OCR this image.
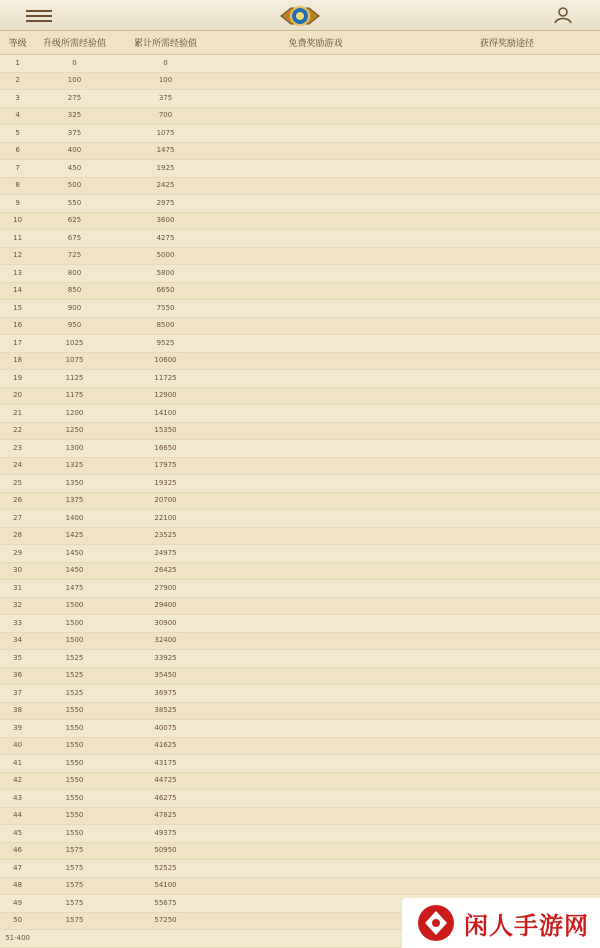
等级	升级所需经验值	累计所需经验值	免费奖励游戏	获得奖励途径
1	0	0		
2	100	100		
3	275	375		
4	325	700		
5	375	1075		
6	400	1475		
7	450	1925		
8	500	2425		
9	550	2975		
10	625	3600		
11	675	4275		
12	725	5000		
13	800	5800		
14	850	6650		
15	900	7550		
16	950	8500		
17	1025	9525		
18	1075	10600		
19	1125	11725		
20	1175	12900		
21	1200	14100		
22	1250	15350		
23	1300	16650		
24	1325	17975		
25	1350	19325		
26	1375	20700		
27	1400	22100		
28	1425	23525		
29	1450	24975		
30	1450	26425		
31	1475	27900		
32	1500	29400		
33	1500	30900		
34	1500	32400		
35	1525	33925		
36	1525	35450		
37	1525	36975		
38	1550	38525		
39	1550	40075		
40	1550	41625		
41	1550	43175		
42	1550	44725		
43	1550	46275		
44	1550	47825		
45	1550	49375		
46	1575	50950		
47	1575	52525		
48	1575	54100		
49	1575	55675		
50	1575	57250		
51-400					闲人手游网
